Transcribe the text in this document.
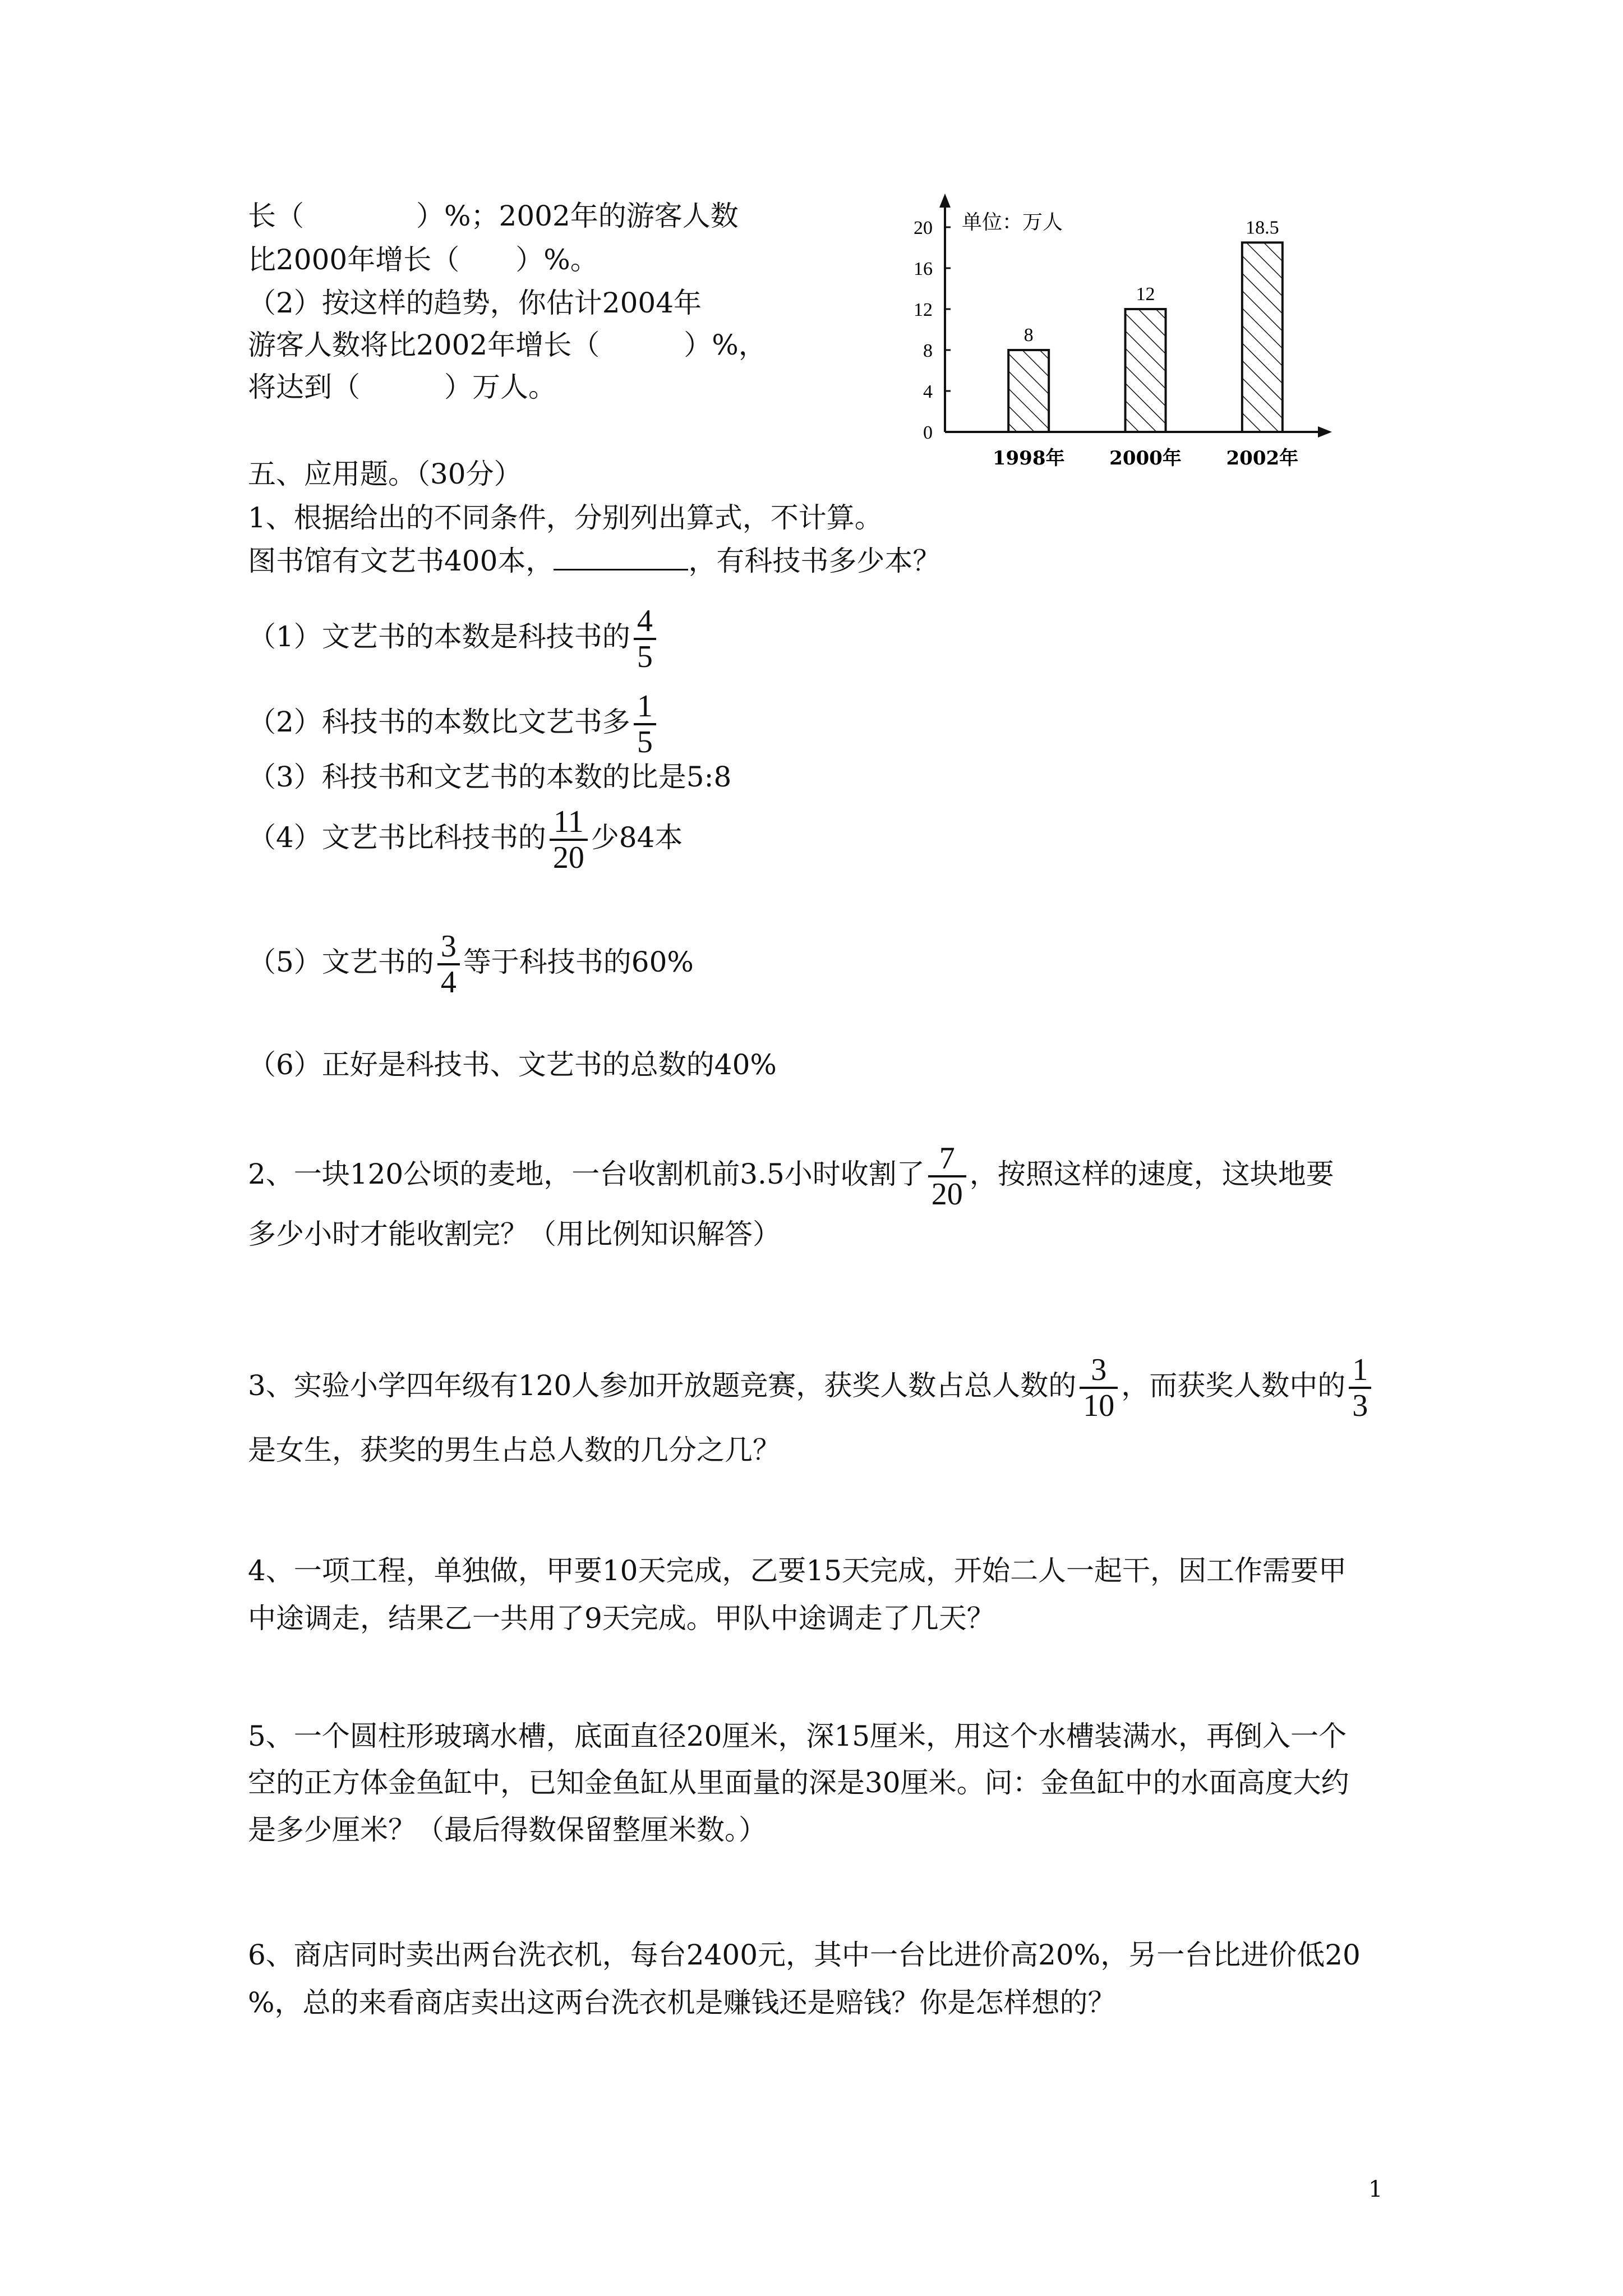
长（　　　　）%；2002年的游客人数
比2000年增长（　　）%。
（2）按这样的趋势，你估计2004年
游客人数将比2002年增长（　　　）%，
将达到（　　　）万人。
0
4
8
12
16
20
8
12
18.5
1998年 2000年 2002年
单位：万人
五、应用题。（30分）
1、根据给出的不同条件，分别列出算式，不计算。
图书馆有文艺书400本，	，有科技书多少本？
（1）文艺书的本数是科技书的 $\frac{4}{5}$
（2）科技书的本数比文艺书多 $\frac{1}{5}$
（3）科技书和文艺书的本数的比是5:8
（4）文艺书比科技书的 $\frac{11}{20}$ 少84本
（5）文艺书的 $\frac{3}{4}$ 等于科技书的60%
（6）正好是科技书、文艺书的总数的40%
2、一块120公顷的麦地，一台收割机前3.5小时收割了 $\frac{7}{20}$ ，按照这样的速度，这块地要
多少小时才能收割完？（用比例知识解答）
3、实验小学四年级有120人参加开放题竞赛，获奖人数占总人数的 $\frac{3}{10}$ ，而获奖人数中的 $\frac{1}{3}$
是女生，获奖的男生占总人数的几分之几？
4、一项工程，单独做，甲要10天完成，乙要15天完成，开始二人一起干，因工作需要甲
中途调走，结果乙一共用了9天完成。甲队中途调走了几天？
5、一个圆柱形玻璃水槽，底面直径20厘米，深15厘米，用这个水槽装满水，再倒入一个
空的正方体金鱼缸中，已知金鱼缸从里面量的深是30厘米。问：金鱼缸中的水面高度大约
是多少厘米？（最后得数保留整厘米数。）
6、商店同时卖出两台洗衣机，每台2400元，其中一台比进价高20%，另一台比进价低20
%，总的来看商店卖出这两台洗衣机是赚钱还是赔钱？你是怎样想的？
1
